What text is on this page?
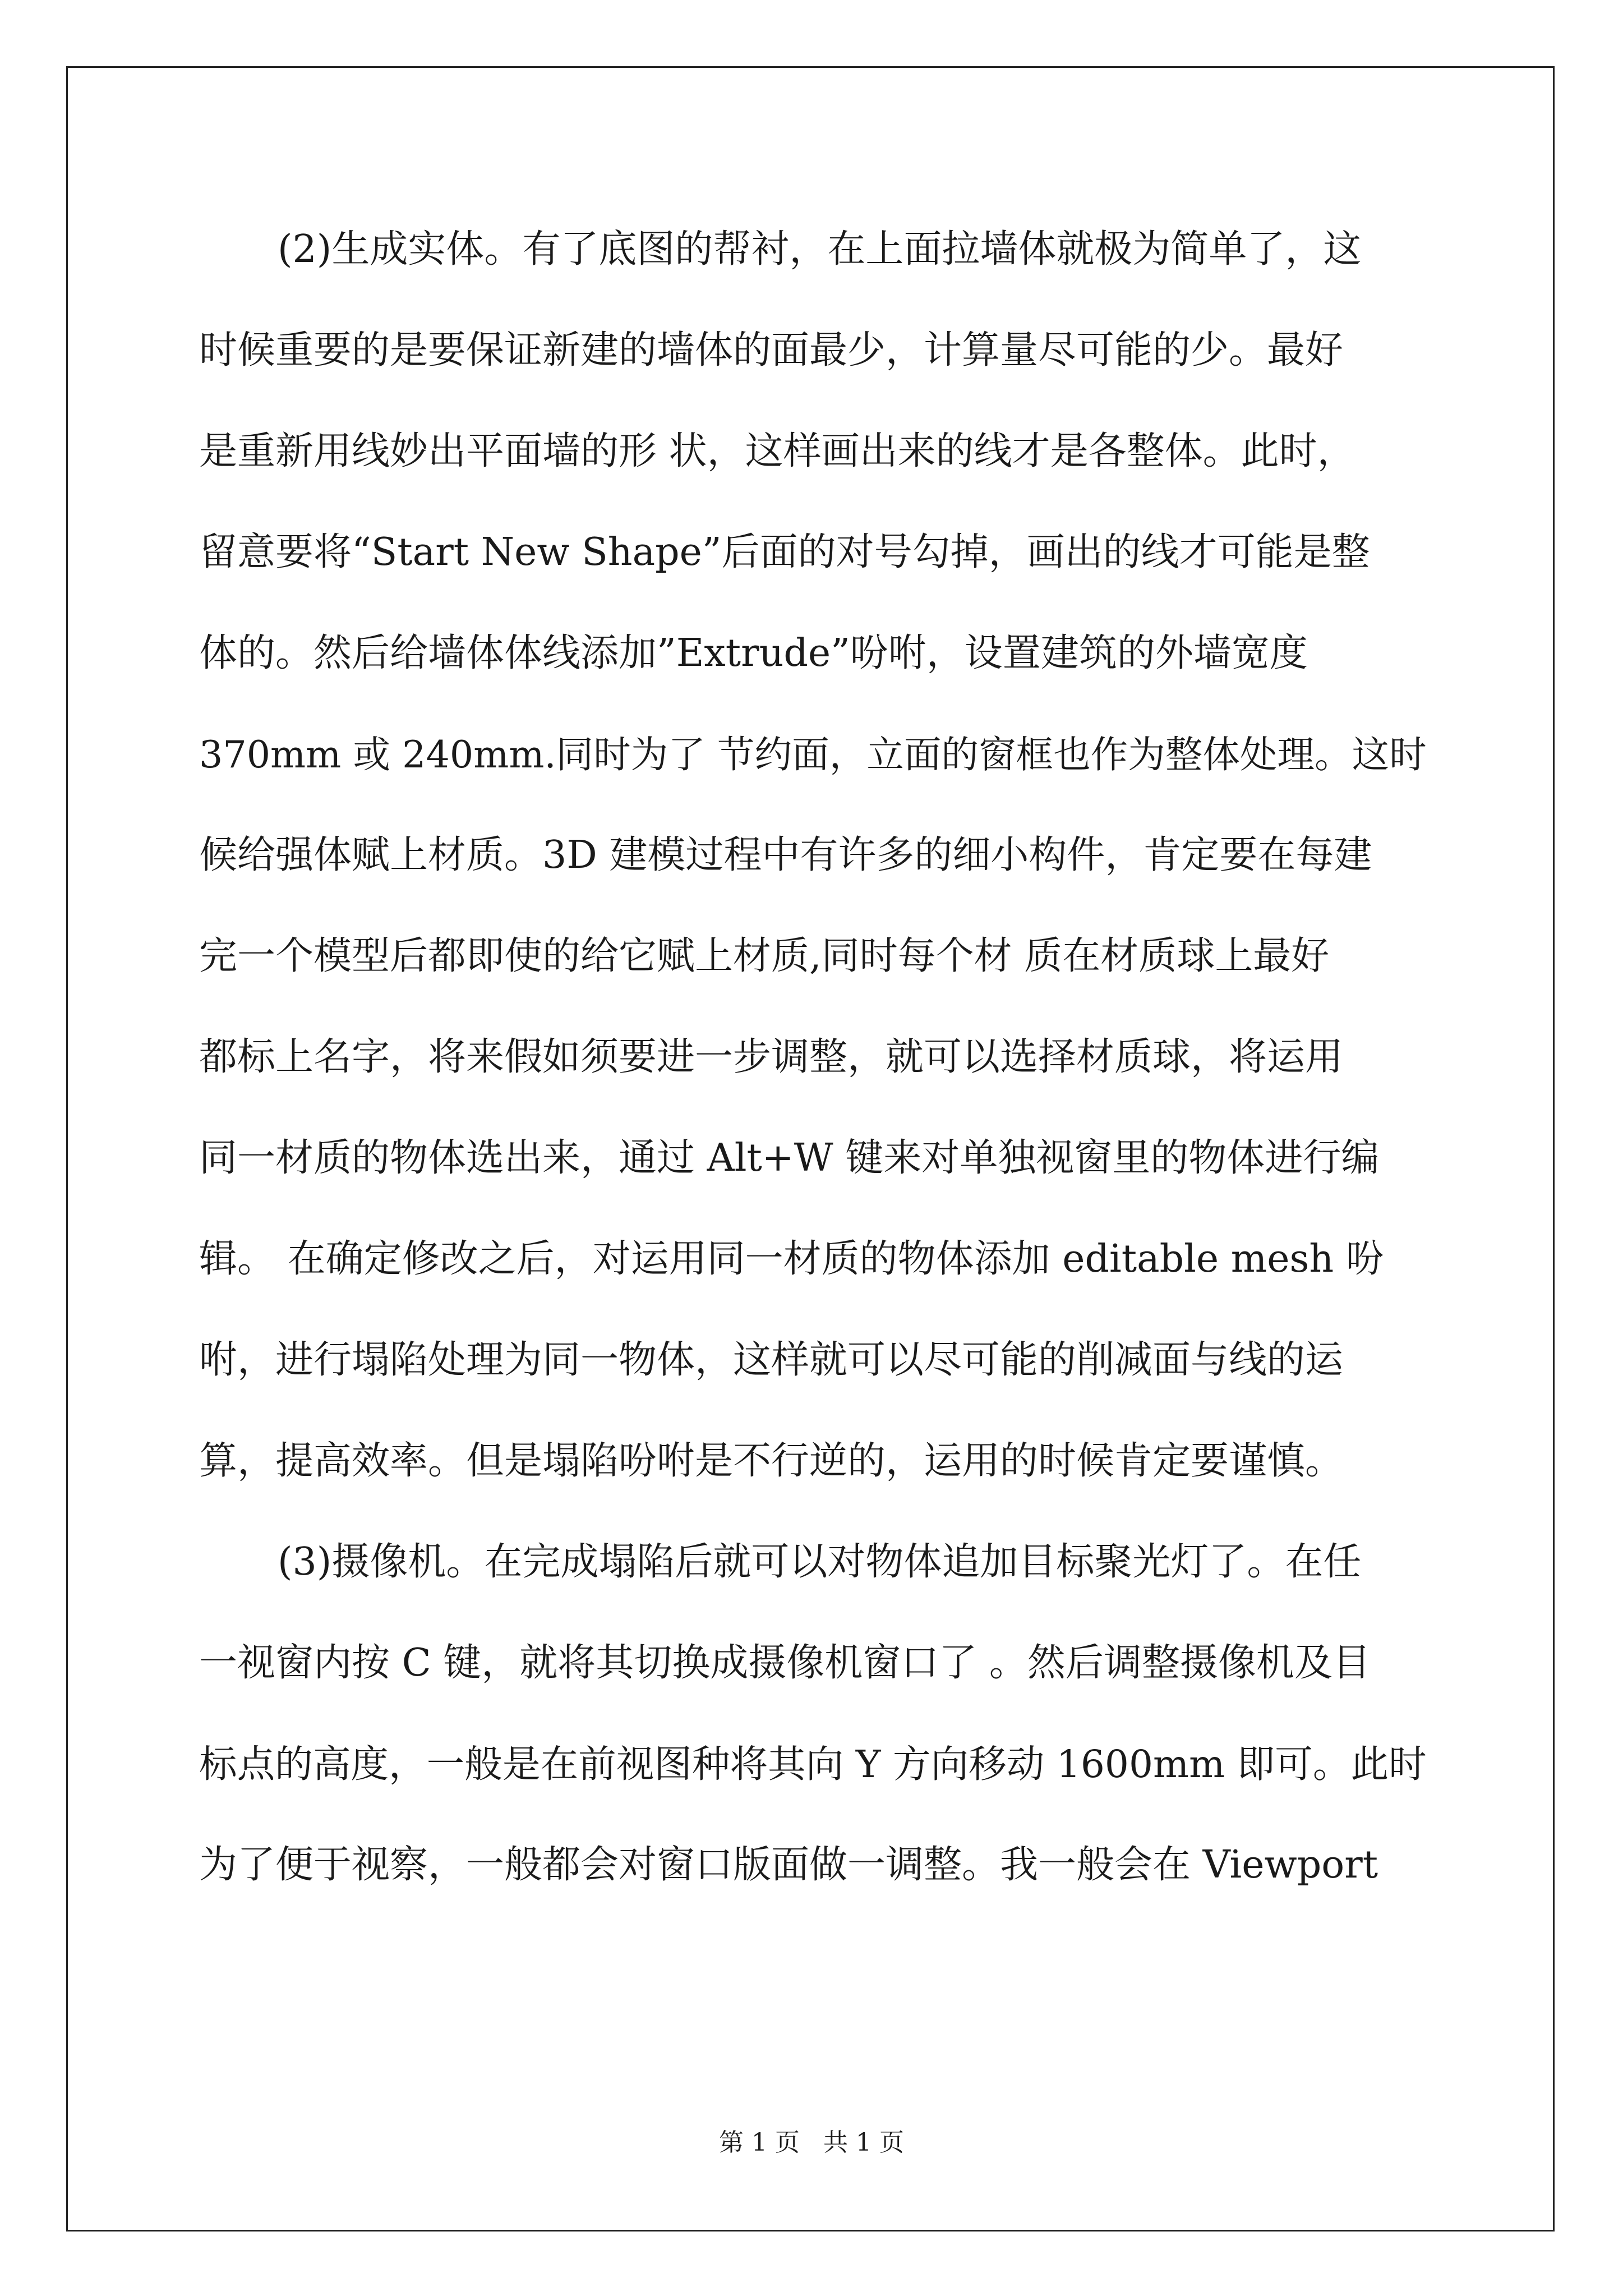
(2)生成实体。有了底图的帮衬，在上面拉墙体就极为简单了，这
时候重要的是要保证新建的墙体的面最少，计算量尽可能的少。最好
是重新用线妙出平面墙的形 状，这样画出来的线才是各整体。此时，
留意要将“Start New Shape”后面的对号勾掉，画出的线才可能是整
体的。然后给墙体体线添加”Extrude”吩咐，设置建筑的外墙宽度
370mm 或 240mm.同时为了 节约面，立面的窗框也作为整体处理。这时
候给强体赋上材质。3D 建模过程中有许多的细小构件，肯定要在每建
完一个模型后都即使的给它赋上材质,同时每个材 质在材质球上最好
都标上名字，将来假如须要进一步调整，就可以选择材质球，将运用
同一材质的物体选出来，通过 Alt+W 键来对单独视窗里的物体进行编
辑。 在确定修改之后，对运用同一材质的物体添加 editable mesh 吩
咐，进行塌陷处理为同一物体，这样就可以尽可能的削减面与线的运
算，提高效率。但是塌陷吩咐是不行逆的，运用的时候肯定要谨慎。
(3)摄像机。在完成塌陷后就可以对物体追加目标聚光灯了。在任
一视窗内按 C 键，就将其切换成摄像机窗口了 。然后调整摄像机及目
标点的高度，一般是在前视图种将其向 Y 方向移动 1600mm 即可。此时
为了便于视察，一般都会对窗口版面做一调整。我一般会在 Viewport
第 1 页   共 1 页
